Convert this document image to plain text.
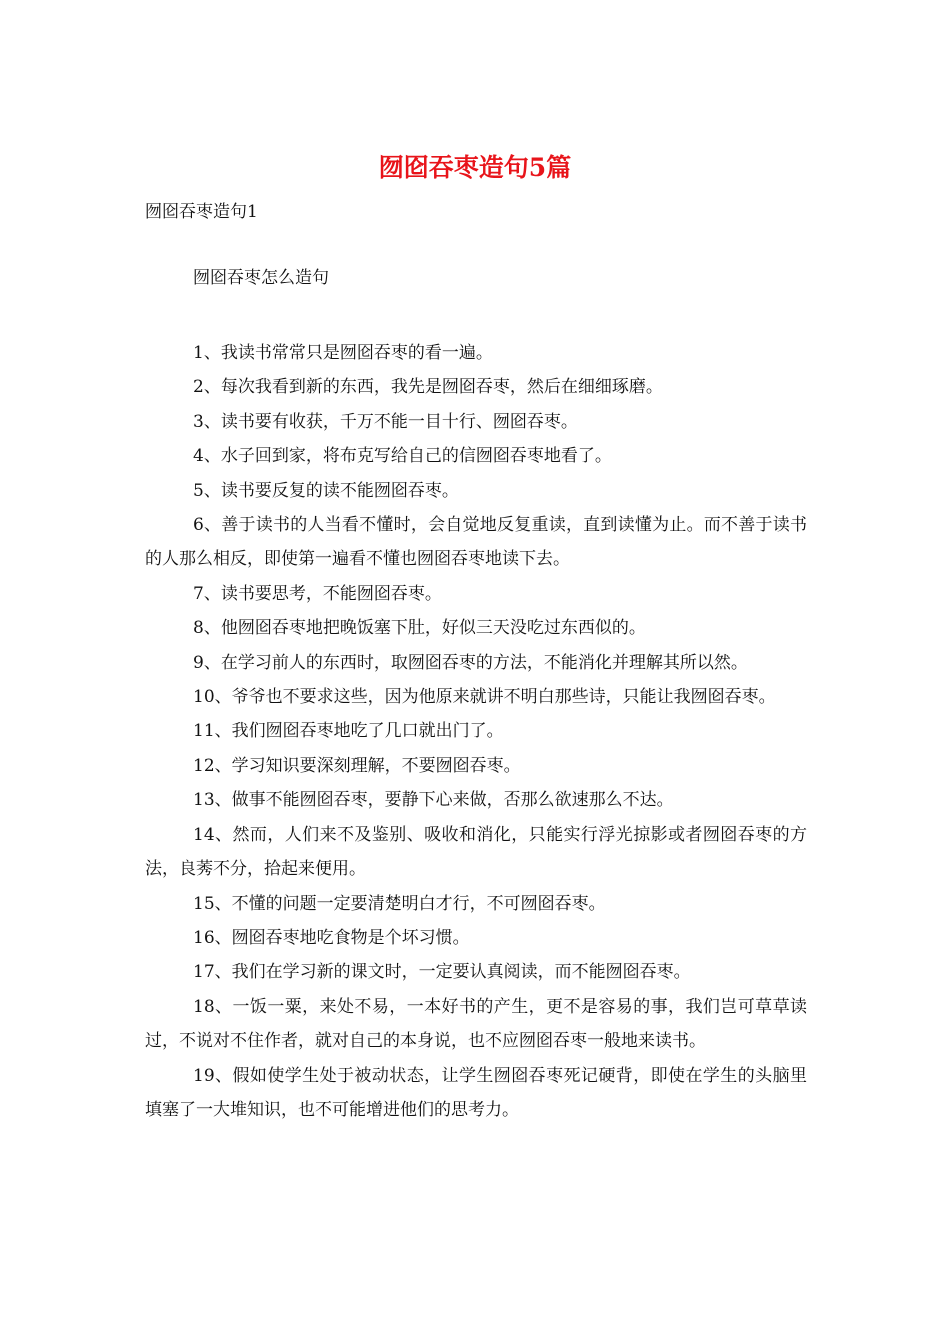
囫囵吞枣造句5篇
囫囵吞枣造句1
囫囵吞枣怎么造句

1、我读书常常只是囫囵吞枣的看一遍。

2、每次我看到新的东西，我先是囫囵吞枣，然后在细细琢磨。

3、读书要有收获，千万不能一目十行、囫囵吞枣。

4、水子回到家，将布克写给自己的信囫囵吞枣地看了。

5、读书要反复的读不能囫囵吞枣。

6、善于读书的人当看不懂时，会自觉地反复重读，直到读懂为止。而不善于读书的人那么相反，即使第一遍看不懂也囫囵吞枣地读下去。

7、读书要思考，不能囫囵吞枣。

8、他囫囵吞枣地把晚饭塞下肚，好似三天没吃过东西似的。

9、在学习前人的东西时，取囫囵吞枣的方法，不能消化并理解其所以然。

10、爷爷也不要求这些，因为他原来就讲不明白那些诗，只能让我囫囵吞枣。

11、我们囫囵吞枣地吃了几口就出门了。

12、学习知识要深刻理解，不要囫囵吞枣。

13、做事不能囫囵吞枣，要静下心来做，否那么欲速那么不达。

14、然而，人们来不及鉴别、吸收和消化，只能实行浮光掠影或者囫囵吞枣的方法，良莠不分，拾起来便用。

15、不懂的问题一定要清楚明白才行，不可囫囵吞枣。

16、囫囵吞枣地吃食物是个坏习惯。

17、我们在学习新的课文时，一定要认真阅读，而不能囫囵吞枣。

18、一饭一粟，来处不易，一本好书的产生，更不是容易的事，我们岂可草草读过，不说对不住作者，就对自己的本身说，也不应囫囵吞枣一般地来读书。

19、假如使学生处于被动状态，让学生囫囵吞枣死记硬背，即使在学生的头脑里填塞了一大堆知识，也不可能增进他们的思考力。
